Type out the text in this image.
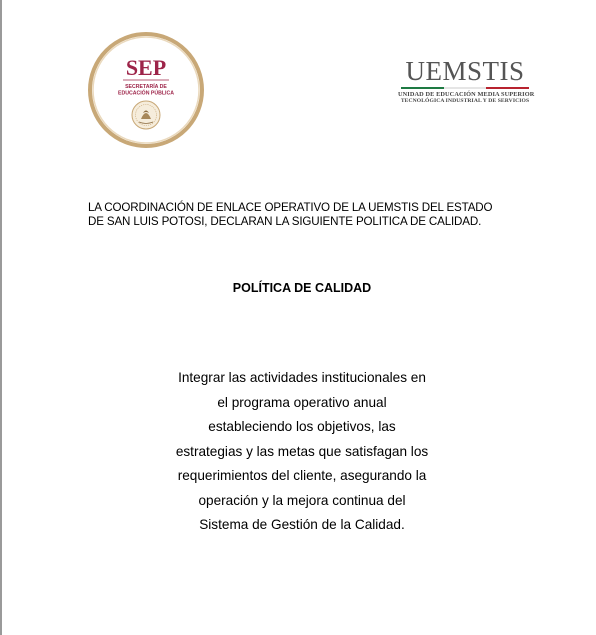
SEP
SECRETARÍA DE
EDUCACIÓN PÚBLICA
UEMSTIS
UNIDAD DE EDUCACIÓN MEDIA SUPERIOR
TECNOLÓGICA INDUSTRIAL Y DE SERVICIOS

LA COORDINACIÓN DE ENLACE OPERATIVO DE LA UEMSTIS DEL ESTADO
DE SAN LUIS POTOSI, DECLARAN LA SIGUIENTE POLITICA DE CALIDAD.

POLÍTICA DE CALIDAD
Integrar las actividades institucionales en
el programa operativo anual
estableciendo los objetivos, las
estrategias y las metas que satisfagan los
requerimientos del cliente, asegurando la
operación y la mejora continua del
Sistema de Gestión de la Calidad.
